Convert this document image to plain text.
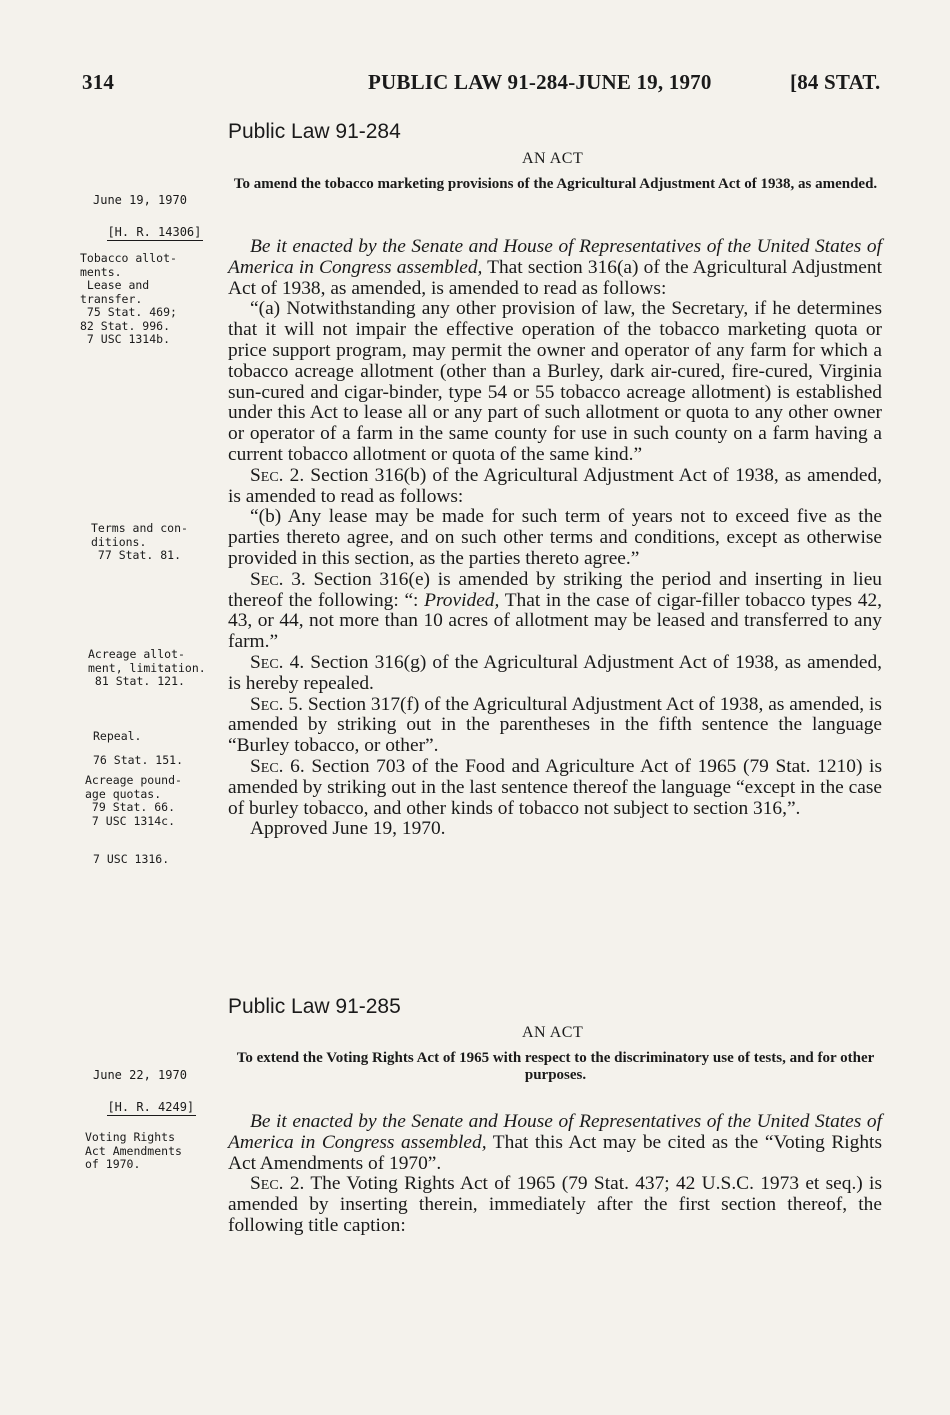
314	PUBLIC LAW 91-284-JUNE 19, 1970	[84 STAT.
Public Law 91-284

June 19, 1970

[H. R. 14306]

AN ACT
To amend the tobacco marketing provisions of the Agricultural Adjustment Act of 1938, as amended.
Tobacco allot-
ments.
Lease and
transfer.
75 Stat. 469;
82 Stat. 996.
7 USC 1314b.
Terms and con-
ditions.
77 Stat. 81.
Acreage allot-
ment, limitation.
81 Stat. 121.
Repeal.
76 Stat. 151.
Acreage pound-
age quotas.
79 Stat. 66.
7 USC 1314c.
7 USC 1316.

Be it enacted by the Senate and House of Representatives of the United States of America in Congress assembled, That section 316(a) of the Agricultural Adjustment Act of 1938, as amended, is amended to read as follows:

“(a) Notwithstanding any other provision of law, the Secretary, if he determines that it will not impair the effective operation of the tobacco marketing quota or price support program, may permit the owner and operator of any farm for which a tobacco acreage allotment (other than a Burley, dark air-cured, fire-cured, Virginia sun-cured and cigar-binder, type 54 or 55 tobacco acreage allotment) is established under this Act to lease all or any part of such allotment or quota to any other owner or operator of a farm in the same county for use in such county on a farm having a current tobacco allotment or quota of the same kind.”

Sec. 2. Section 316(b) of the Agricultural Adjustment Act of 1938, as amended, is amended to read as follows:

“(b) Any lease may be made for such term of years not to exceed five as the parties thereto agree, and on such other terms and conditions, except as otherwise provided in this section, as the parties thereto agree.”

Sec. 3. Section 316(e) is amended by striking the period and inserting in lieu thereof the following: “: Provided, That in the case of cigar-filler tobacco types 42, 43, or 44, not more than 10 acres of allotment may be leased and transferred to any farm.”

Sec. 4. Section 316(g) of the Agricultural Adjustment Act of 1938, as amended, is hereby repealed.

Sec. 5. Section 317(f) of the Agricultural Adjustment Act of 1938, as amended, is amended by striking out in the parentheses in the fifth sentence the language “Burley tobacco, or other”.

Sec. 6. Section 703 of the Food and Agriculture Act of 1965 (79 Stat. 1210) is amended by striking out in the last sentence thereof the language “except in the case of burley tobacco, and other kinds of tobacco not subject to section 316,”.

Approved June 19, 1970.

Public Law 91-285

June 22, 1970

[H. R. 4249]

AN ACT
To extend the Voting Rights Act of 1965 with respect to the discriminatory use of tests, and for other purposes.
Voting Rights
Act Amendments
of 1970.

Be it enacted by the Senate and House of Representatives of the United States of America in Congress assembled, That this Act may be cited as the “Voting Rights Act Amendments of 1970”.

Sec. 2. The Voting Rights Act of 1965 (79 Stat. 437; 42 U.S.C. 1973 et seq.) is amended by inserting therein, immediately after the first section thereof, the following title caption:
